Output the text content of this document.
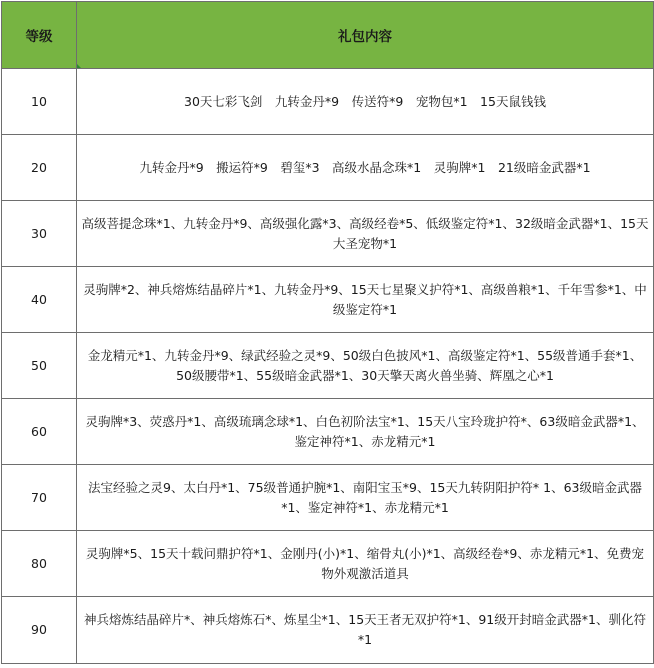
等级	礼包内容

10	30天七彩飞剑　九转金丹*9　传送符*9　宠物包*1　15天鼠钱钱
20	九转金丹*9　搬运符*9　碧玺*3　高级水晶念珠*1　灵驹牌*1　21级暗金武器*1
30	高级菩提念珠*1、九转金丹*9、高级强化露*3、高级经卷*5、低级鉴定符*1、32级暗金武器*1、15天大圣宠物*1
40	灵驹牌*2、神兵熔炼结晶碎片*1、九转金丹*9、15天七星聚义护符*1、高级兽粮*1、千年雪参*1、中级鉴定符*1
50	金龙精元*1、九转金丹*9、绿武经验之灵*9、50级白色披风*1、高级鉴定符*1、55级普通手套*1、50级腰带*1、55级暗金武器*1、30天擎天离火兽坐骑、辉凰之心*1
60	灵驹牌*3、荧惑丹*1、高级琉璃念球*1、白色初阶法宝*1、15天八宝玲珑护符*、63级暗金武器*1、鉴定神符*1、赤龙精元*1
70	法宝经验之灵9、太白丹*1、75级普通护腕*1、南阳宝玉*9、15天九转阴阳护符* 1、63级暗金武器*1、鉴定神符*1、赤龙精元*1
80	灵驹牌*5、15天十载问鼎护符*1、金刚丹(小)*1、缩骨丸(小)*1、高级经卷*9、赤龙精元*1、免费宠物外观激活道具
90	神兵熔炼结晶碎片*、神兵熔炼石*、炼星尘*1、15天王者无双护符*1、91级开封暗金武器*1、驯化符*1
